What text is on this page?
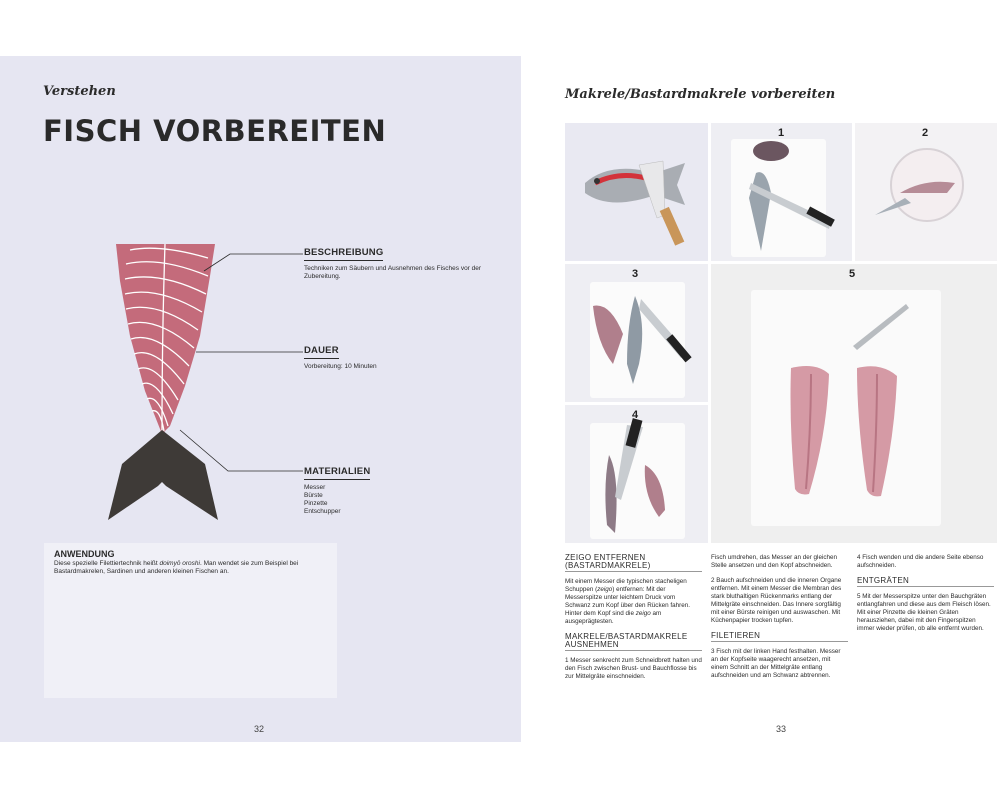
Verstehen
FISCH VORBEREITEN
BESCHREIBUNG

Techniken zum Säubern und Ausnehmen des Fisches vor der Zubereitung.

DAUER

Vorbereitung: 10 Minuten

MATERIALIEN

Messer
Bürste
Pinzette
Entschupper

ANWENDUNG

Diese spezielle Filettiertechnik heißt doimyō oroshi. Man wendet sie zum Beispiel bei Bastardmakrelen, Sardinen und anderen kleinen Fischen an.

32
Makrele/Bastardmakrele vorbereiten
1	2
3
4
5
ZEIGO ENTFERNEN (BASTARDMAKRELE)

Mit einem Messer die typischen stacheligen Schuppen (zeigo) entfernen: Mit der Messerspitze unter leichtem Druck vom Schwanz zum Kopf über den Rücken fahren. Hinter dem Kopf sind die zeigo am ausgeprägtesten.

MAKRELE/BASTARDMAKRELE AUSNEHMEN

1 Messer senkrecht zum Schneidbrett halten und den Fisch zwischen Brust- und Bauchflosse bis zur Mittelgräte einschneiden.

Fisch umdrehen, das Messer an der gleichen Stelle ansetzen und den Kopf abschneiden.

2 Bauch aufschneiden und die inneren Organe entfernen. Mit einem Messer die Membran des stark bluthaltigen Rückenmarks entlang der Mittelgräte einschneiden. Das Innere sorgfältig mit einer Bürste reinigen und auswaschen. Mit Küchenpapier trocken tupfen.

FILETIEREN

3 Fisch mit der linken Hand festhalten. Messer an der Kopfseite waagerecht ansetzen, mit einem Schnitt an der Mittelgräte entlang aufschneiden und am Schwanz abtrennen.

4 Fisch wenden und die andere Seite ebenso aufschneiden.

ENTGRÄTEN

5 Mit der Messerspitze unter den Bauchgräten entlangfahren und diese aus dem Fleisch lösen. Mit einer Pinzette die kleinen Gräten herausziehen, dabei mit den Fingerspitzen immer wieder prüfen, ob alle entfernt wurden.

33
